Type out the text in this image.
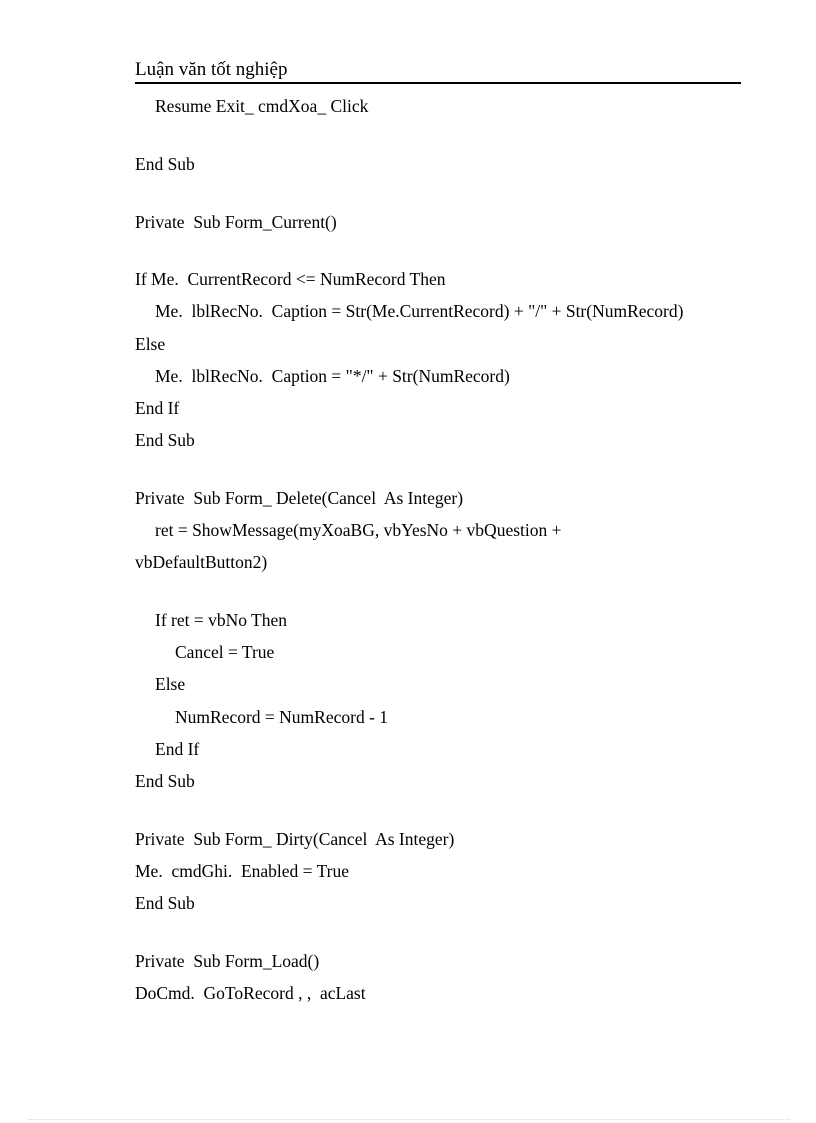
Luận văn tốt nghiệp
Resume Exit_ cmdXoa_ Click
End Sub
Private  Sub Form_Current()
If Me.  CurrentRecord <= NumRecord Then
Me.  lblRecNo.  Caption = Str(Me.CurrentRecord) + "/" + Str(NumRecord)
Else
Me.  lblRecNo.  Caption = "*/" + Str(NumRecord)
End If
End Sub
Private  Sub Form_ Delete(Cancel  As Integer)
ret = ShowMessage(myXoaBG, vbYesNo + vbQuestion +
vbDefaultButton2)
If ret = vbNo Then
Cancel = True
Else
NumRecord = NumRecord - 1
End If
End Sub
Private  Sub Form_ Dirty(Cancel  As Integer)
Me.  cmdGhi.  Enabled = True
End Sub
Private  Sub Form_Load()
DoCmd.  GoToRecord , ,  acLast
